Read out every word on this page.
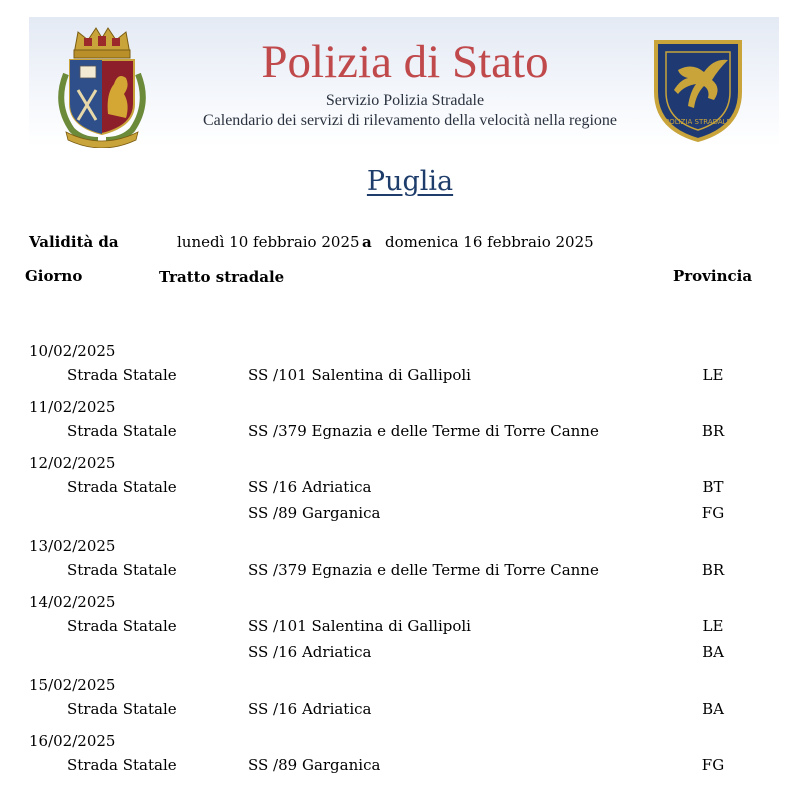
POLIZIA STRADALE
Polizia di Stato
Servizio Polizia Stradale
Calendario dei servizi di rilevamento della velocità nella regione
Puglia
Validità da	lunedì 10 febbraio 2025 a domenica 16 febbraio 2025
Giorno	Tratto stradale	Provincia
10/02/2025
Strada Statale	SS /101 Salentina di Gallipoli	LE
11/02/2025
Strada Statale	SS /379 Egnazia e delle Terme di Torre Canne	BR
12/02/2025
Strada Statale	SS /16 Adriatica	BT
SS /89 Garganica	FG
13/02/2025
Strada Statale	SS /379 Egnazia e delle Terme di Torre Canne	BR
14/02/2025
Strada Statale	SS /101 Salentina di Gallipoli	LE
SS /16 Adriatica	BA
15/02/2025
Strada Statale	SS /16 Adriatica	BA
16/02/2025
Strada Statale	SS /89 Garganica	FG
